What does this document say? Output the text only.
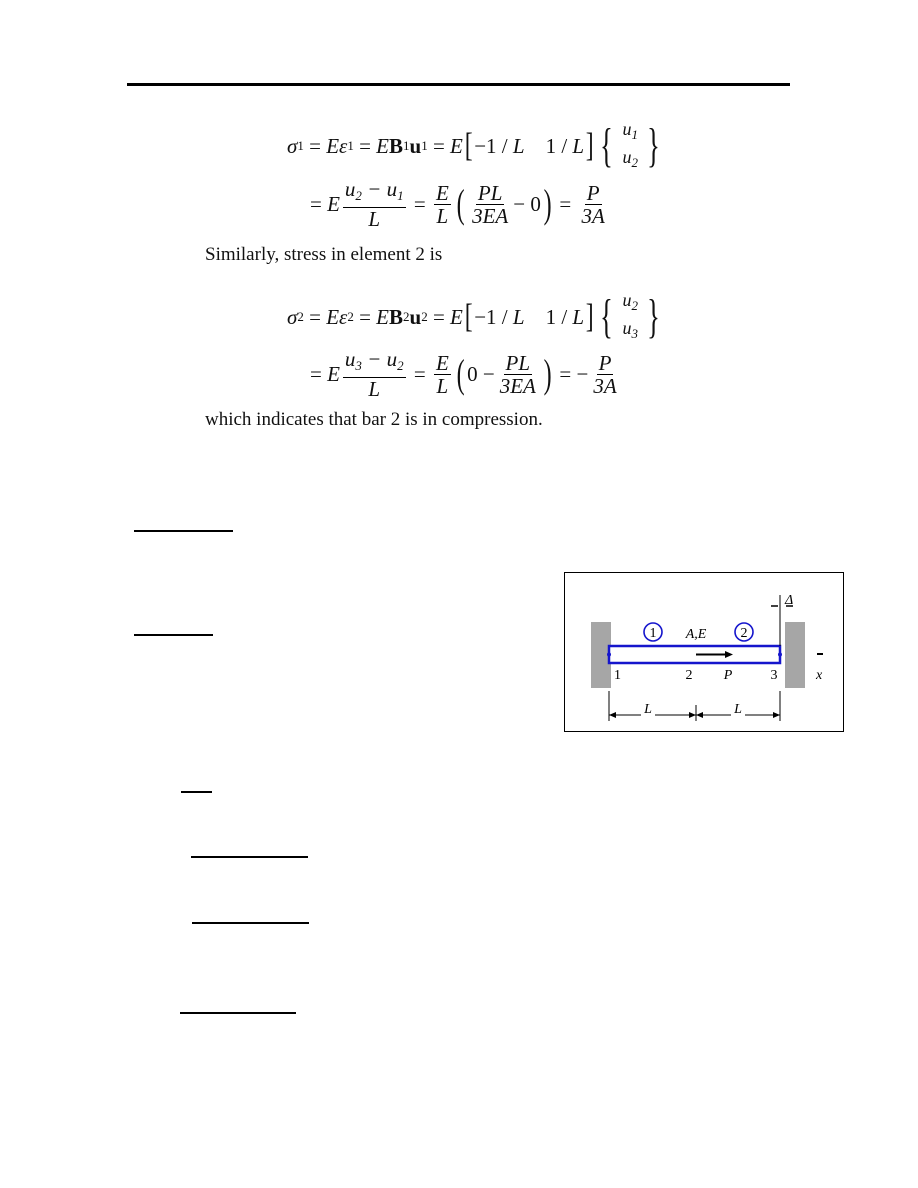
σ 1 = E ε 1 = E B 1 u 1 = E [ −1 / L 1 / L ] { $u_1$
$u_2$ }
= E $\frac{u_2 - u_1}{L} = \frac{E}{L}$ ( $\frac{PL}{3EA} - 0$ ) = $\frac{P}{3A}$
Similarly, stress in element 2 is
σ 2 = E ε 2 = E B 2 u 2 = E [ −1 / L 1 / L ] { $u_2$
$u_3$ }
= E $\frac{u_3 - u_2}{L} = \frac{E}{L}$ ( $0 - \frac{PL}{3EA}$ ) = − $\frac{P}{3A}$
which indicates that bar 2 is in compression.
1	2
A,E
1	2 P	3	x
Δ
L	L
